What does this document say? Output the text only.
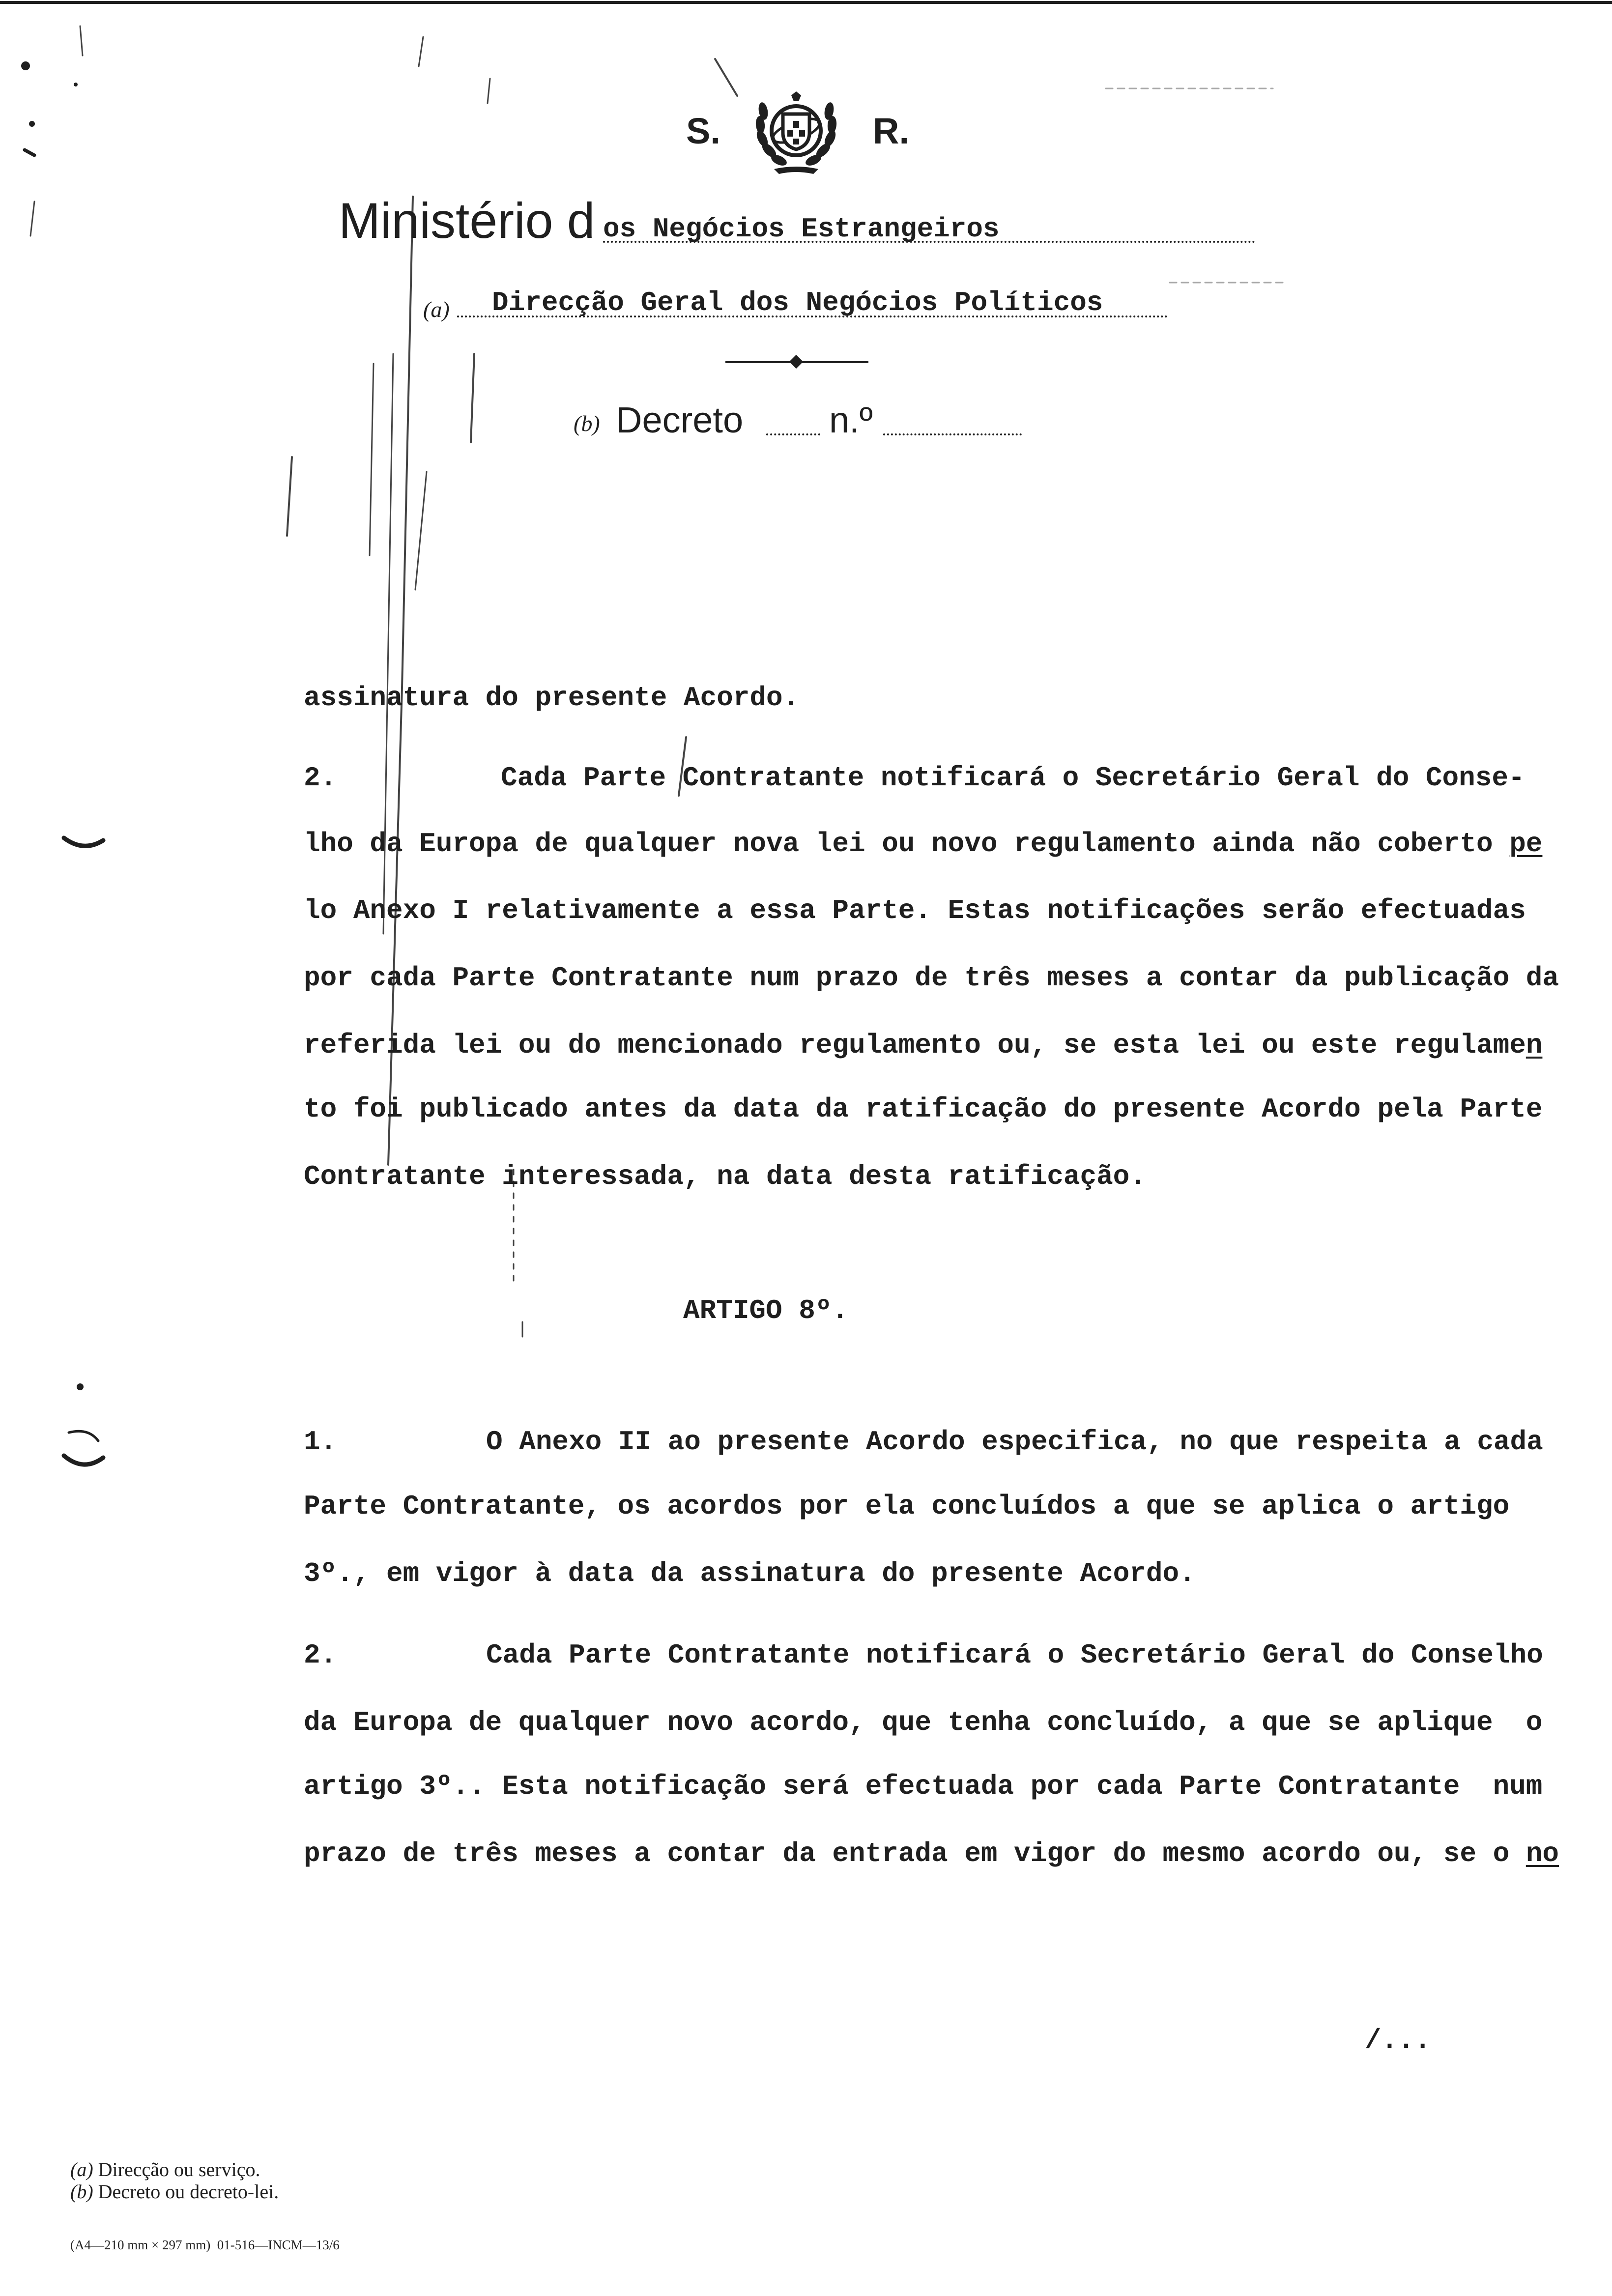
S.	R.
Ministério d os Negócios Estrangeiros
(a) Direcção Geral dos Negócios Políticos
(b) Decreto n.º
assinatura do presente Acordo.
2.	Cada Parte Contratante notificará o Secretário Geral do Conse-
lho da Europa de qualquer nova lei ou novo regulamento ainda não coberto pe
lo Anexo I relativamente a essa Parte. Estas notificações serão efectuadas
por cada Parte Contratante num prazo de três meses a contar da publicação da
referida lei ou do mencionado regulamento ou, se esta lei ou este regulamen
to foi publicado antes da data da ratificação do presente Acordo pela Parte
Contratante interessada, na data desta ratificação.
ARTIGO 8º.
1.	O Anexo II ao presente Acordo especifica, no que respeita a cada
Parte Contratante, os acordos por ela concluídos a que se aplica o artigo
3º., em vigor à data da assinatura do presente Acordo.
2.	Cada Parte Contratante notificará o Secretário Geral do Conselho
da Europa de qualquer novo acordo, que tenha concluído, a que se aplique  o
artigo 3º.. Esta notificação será efectuada por cada Parte Contratante  num
prazo de três meses a contar da entrada em vigor do mesmo acordo ou, se o no
/...
(a) Direcção ou serviço.
(b) Decreto ou decreto-lei.
(A4—210 mm × 297 mm)  01-516—INCM—13/6
